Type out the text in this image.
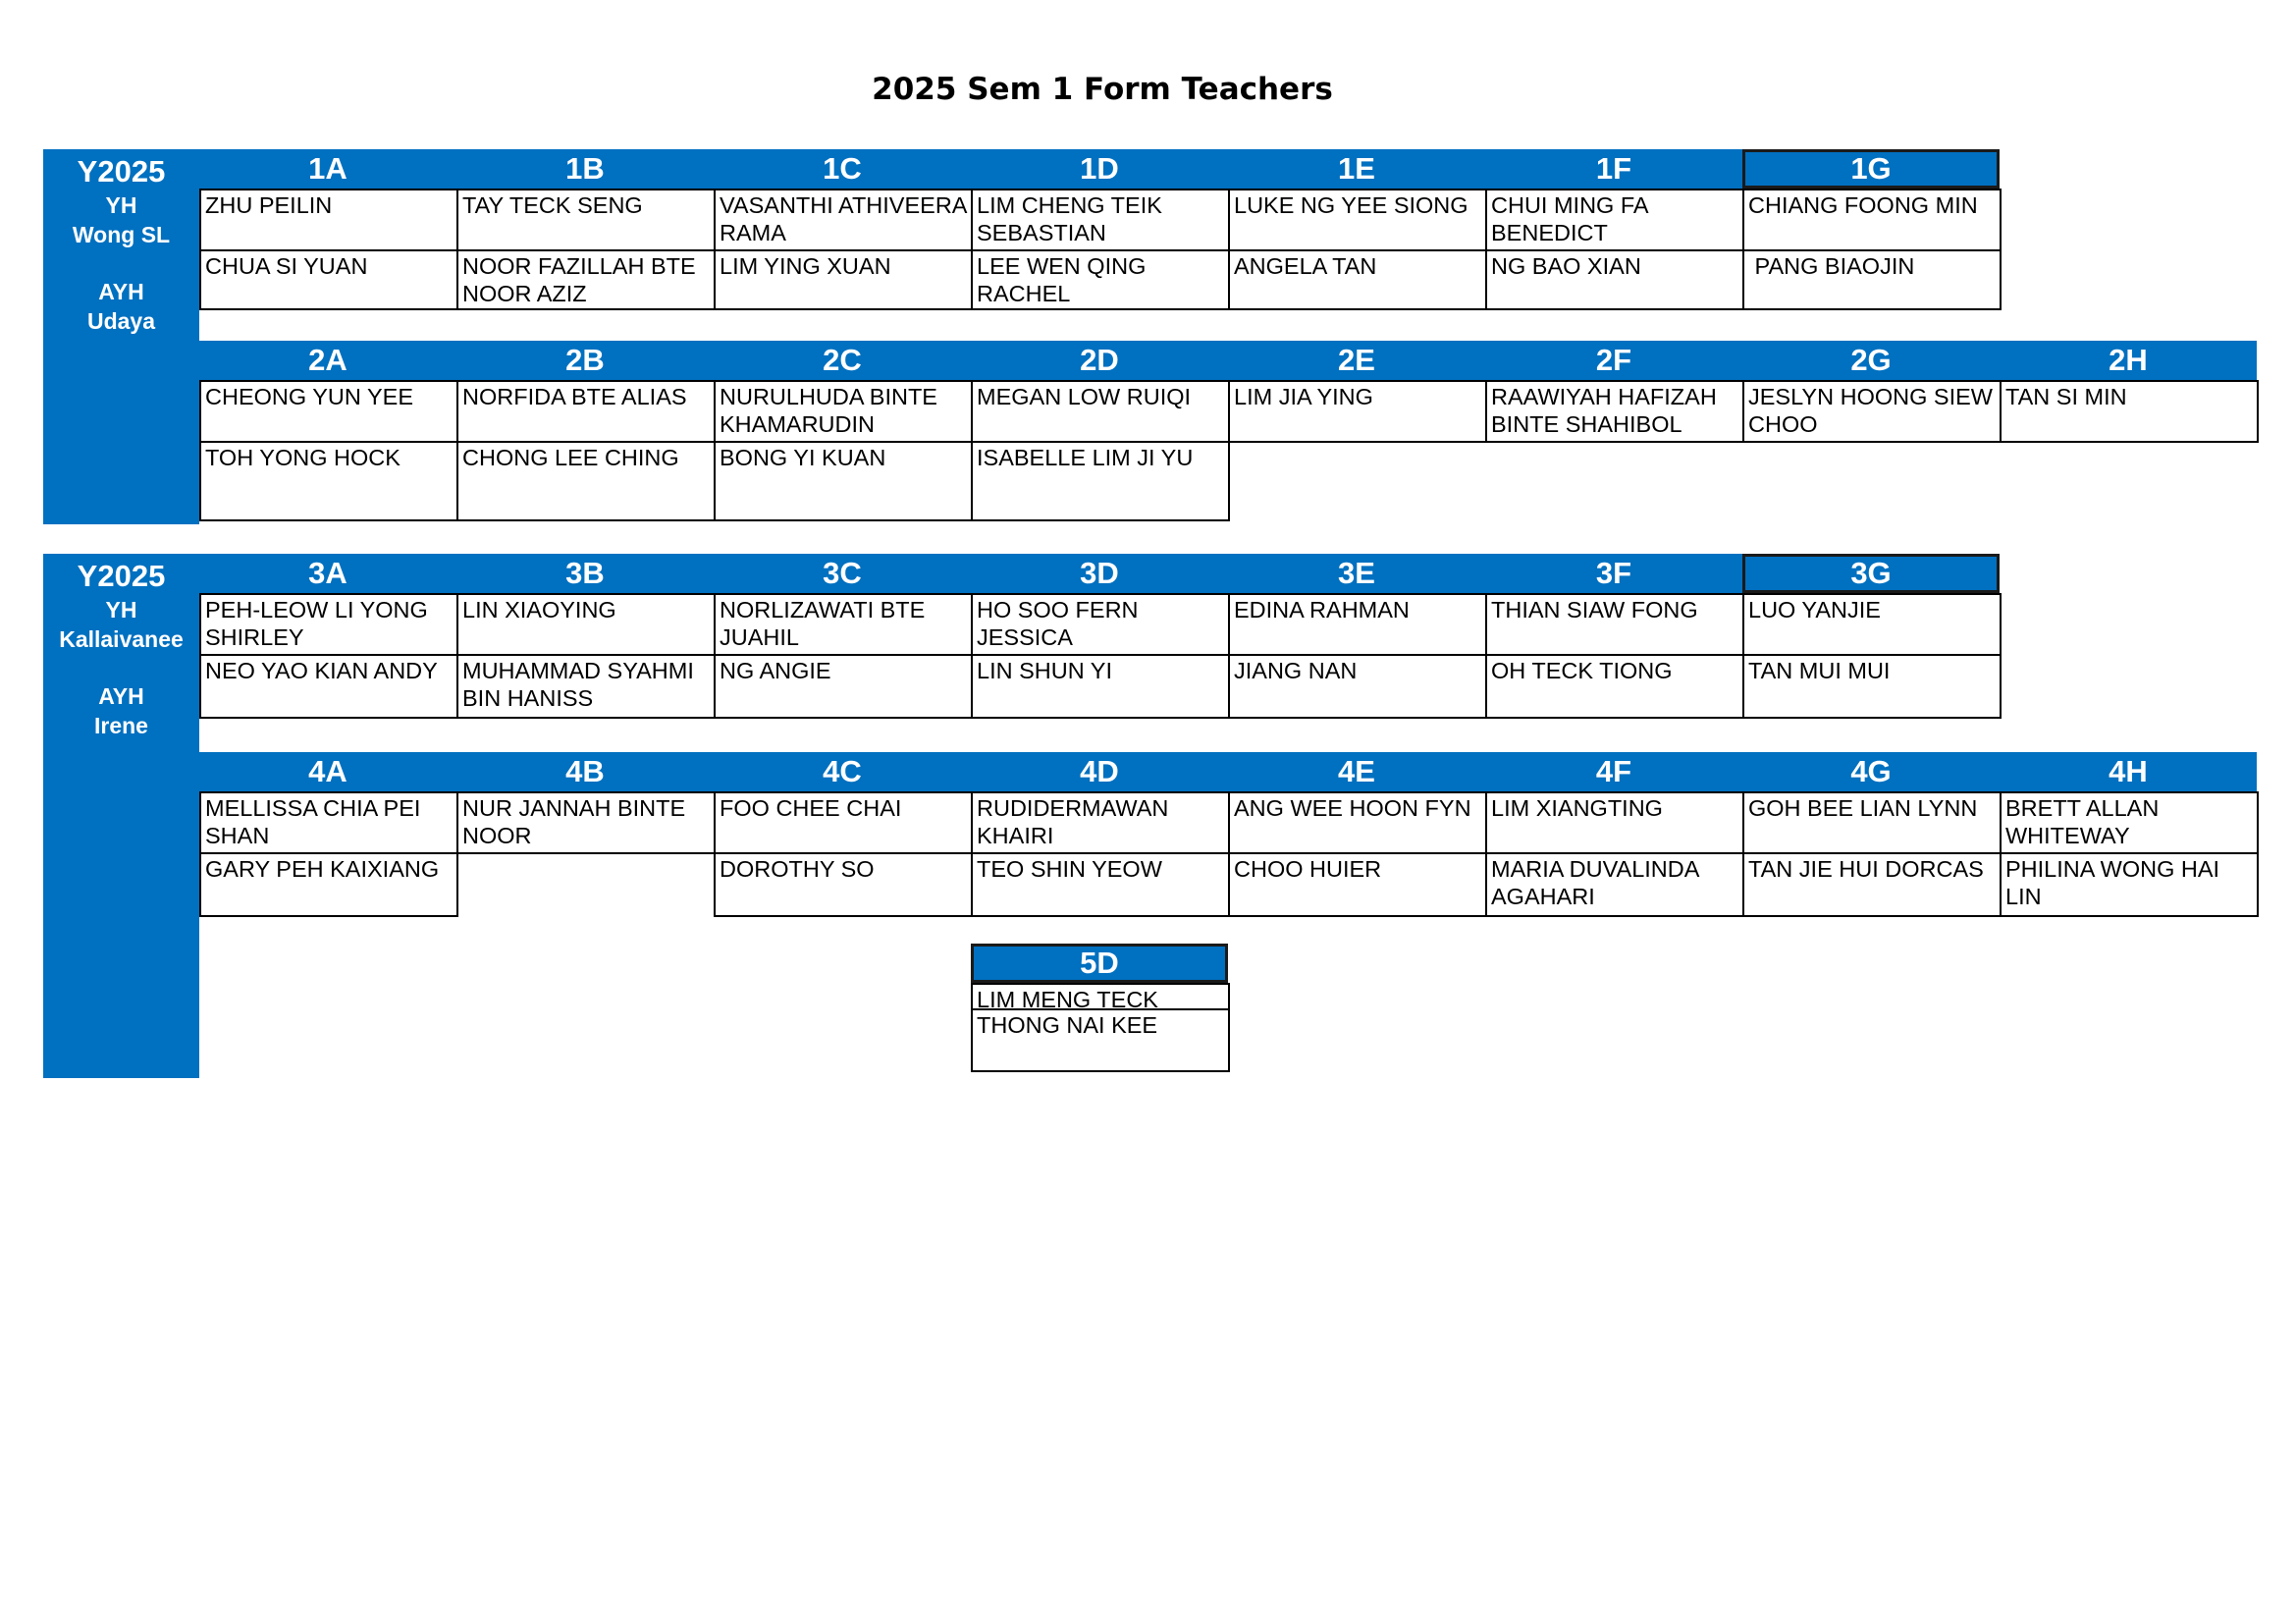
2025 Sem 1 Form Teachers
Y2025
YH
Wong SL
AYH
Udaya
1A
ZHU PEILIN
CHUA SI YUAN
1B
TAY TECK SENG
NOOR FAZILLAH BTE NOOR AZIZ
1C
VASANTHI ATHIVEERA RAMA
LIM YING XUAN
1D
LIM CHENG TEIK SEBASTIAN
LEE WEN QING RACHEL
1E
LUKE NG YEE SIONG
ANGELA TAN
1F
CHUI MING FA BENEDICT
NG BAO XIAN
1G
CHIANG FOONG MIN
PANG BIAOJIN
2A
CHEONG YUN YEE
TOH YONG HOCK
2B
NORFIDA BTE ALIAS
CHONG LEE CHING
2C
NURULHUDA BINTE KHAMARUDIN
BONG YI KUAN
2D
MEGAN LOW RUIQI
ISABELLE LIM JI YU
2E
LIM JIA YING
2F
RAAWIYAH HAFIZAH BINTE SHAHIBOL
2G
JESLYN HOONG SIEW CHOO
2H
TAN SI MIN
Y2025
YH
Kallaivanee
AYH
Irene
3A
PEH-LEOW LI YONG SHIRLEY
NEO YAO KIAN ANDY
3B
LIN XIAOYING
MUHAMMAD SYAHMI BIN HANISS
3C
NORLIZAWATI BTE JUAHIL
NG ANGIE
3D
HO SOO FERN JESSICA
LIN SHUN YI
3E
EDINA RAHMAN
JIANG NAN
3F
THIAN SIAW FONG
OH TECK TIONG
3G
LUO YANJIE
TAN MUI MUI
4A
MELLISSA CHIA PEI SHAN
GARY PEH KAIXIANG
4B
NUR JANNAH BINTE NOOR
4C
FOO CHEE CHAI
DOROTHY SO
4D
RUDIDERMAWAN KHAIRI
TEO SHIN YEOW
4E
ANG WEE HOON FYN
CHOO HUIER
4F
LIM XIANGTING
MARIA DUVALINDA AGAHARI
4G
GOH BEE LIAN LYNN
TAN JIE HUI DORCAS
4H
BRETT ALLAN WHITEWAY
PHILINA WONG HAI LIN
5D
LIM MENG TECK
THONG NAI KEE
